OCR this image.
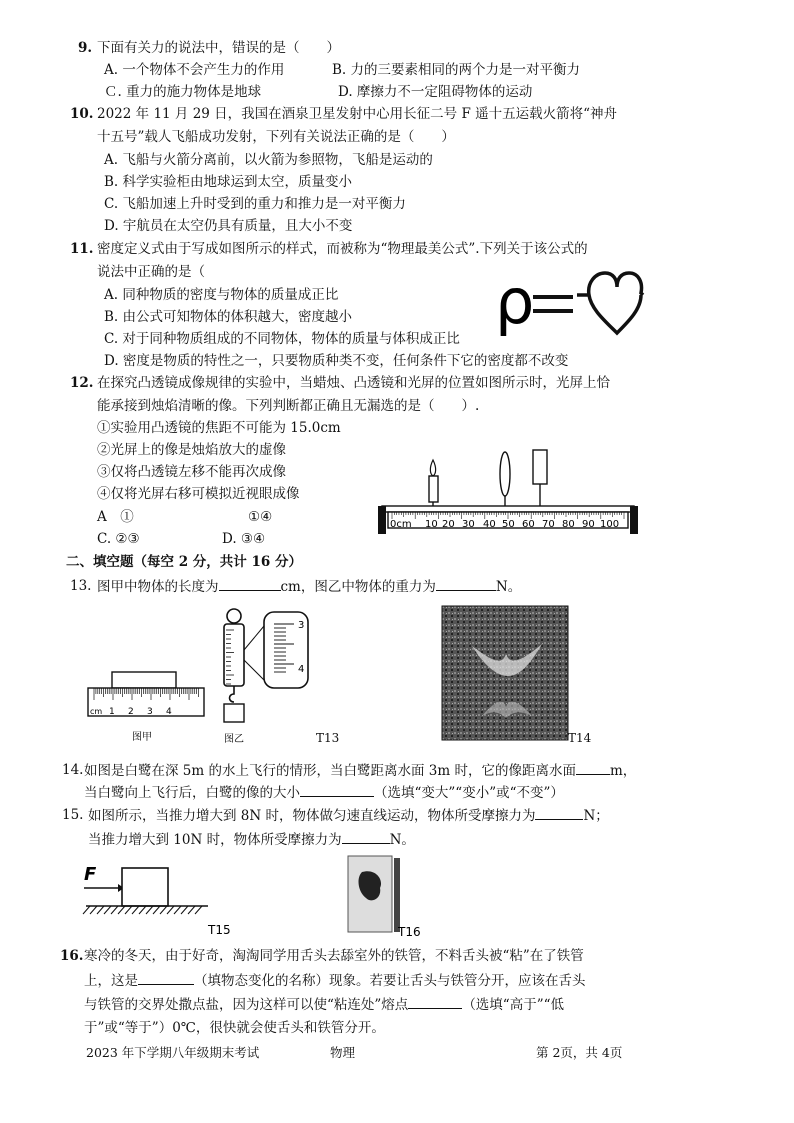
9. 下面有关力的说法中，错误的是（　　）
A. 一个物体不会产生力的作用	B. 力的三要素相同的两个力是一对平衡力
Ｃ. 重力的施力物体是地球	D. 摩擦力不一定阻碍物体的运动
10. 2022 年 11 月 29 日，我国在酒泉卫星发射中心用长征二号 F 遥十五运载火箭将“神舟
十五号”载人飞船成功发射，下列有关说法正确的是（　　）
A. 飞船与火箭分离前，以火箭为参照物，飞船是运动的
B. 科学实验柜由地球运到太空，质量变小
C. 飞船加速上升时受到的重力和推力是一对平衡力
D. 宇航员在太空仍具有质量，且大小不变
11. 密度定义式由于写成如图所示的样式，而被称为“物理最美公式”.下列关于该公式的
说法中正确的是（
A. 同种物质的密度与物体的质量成正比
B. 由公式可知物体的体积越大，密度越小
C. 对于同种物质组成的不同物体，物体的质量与体积成正比
D. 密度是物质的特性之一，只要物质种类不变，任何条件下它的密度都不改变
ρ
12. 在探究凸透镜成像规律的实验中，当蜡烛、凸透镜和光屏的位置如图所示时，光屏上恰
能承接到烛焰清晰的像。下列判断都正确且无漏选的是（　　）.
①实验用凸透镜的焦距不可能为 15.0cm
②光屏上的像是烛焰放大的虚像
③仅将凸透镜左移不能再次成像
④仅将光屏右移可模拟近视眼成像
A　①	①④
C. ②③	D. ③④
0cm 10 20 30 40 50 60 70 80 90 100
二、填空题（每空 2 分，共计 16 分）
13. 图甲中物体的长度为	cm，图乙中物体的重力为	N。
cm 1 2 3 4
图甲
3
4
图乙	T13	T14
14. 如图是白鹭在深 5m 的水上飞行的情形，当白鹭距离水面 3m 时，它的像距离水面	m，
当白鹭向上飞行后，白鹭的像的大小	（选填“变大”“变小”或“不变”）
15. 如图所示，当推力增大到 8N 时，物体做匀速直线运动，物体所受摩擦力为	N；
当推力增大到 10N 时，物体所受摩擦力为	N。
F
T15	T16
16. 寒冷的冬天，由于好奇，淘淘同学用舌头去舔室外的铁管，不料舌头被“粘”在了铁管
上，这是	（填物态变化的名称）现象。若要让舌头与铁管分开，应该在舌头
与铁管的交界处撒点盐，因为这样可以使“粘连处”熔点	（选填“高于”“低
于”或“等于”）0℃，很快就会使舌头和铁管分开。
2023 年下学期八年级期末考试	物理	第 2页，共 4页
